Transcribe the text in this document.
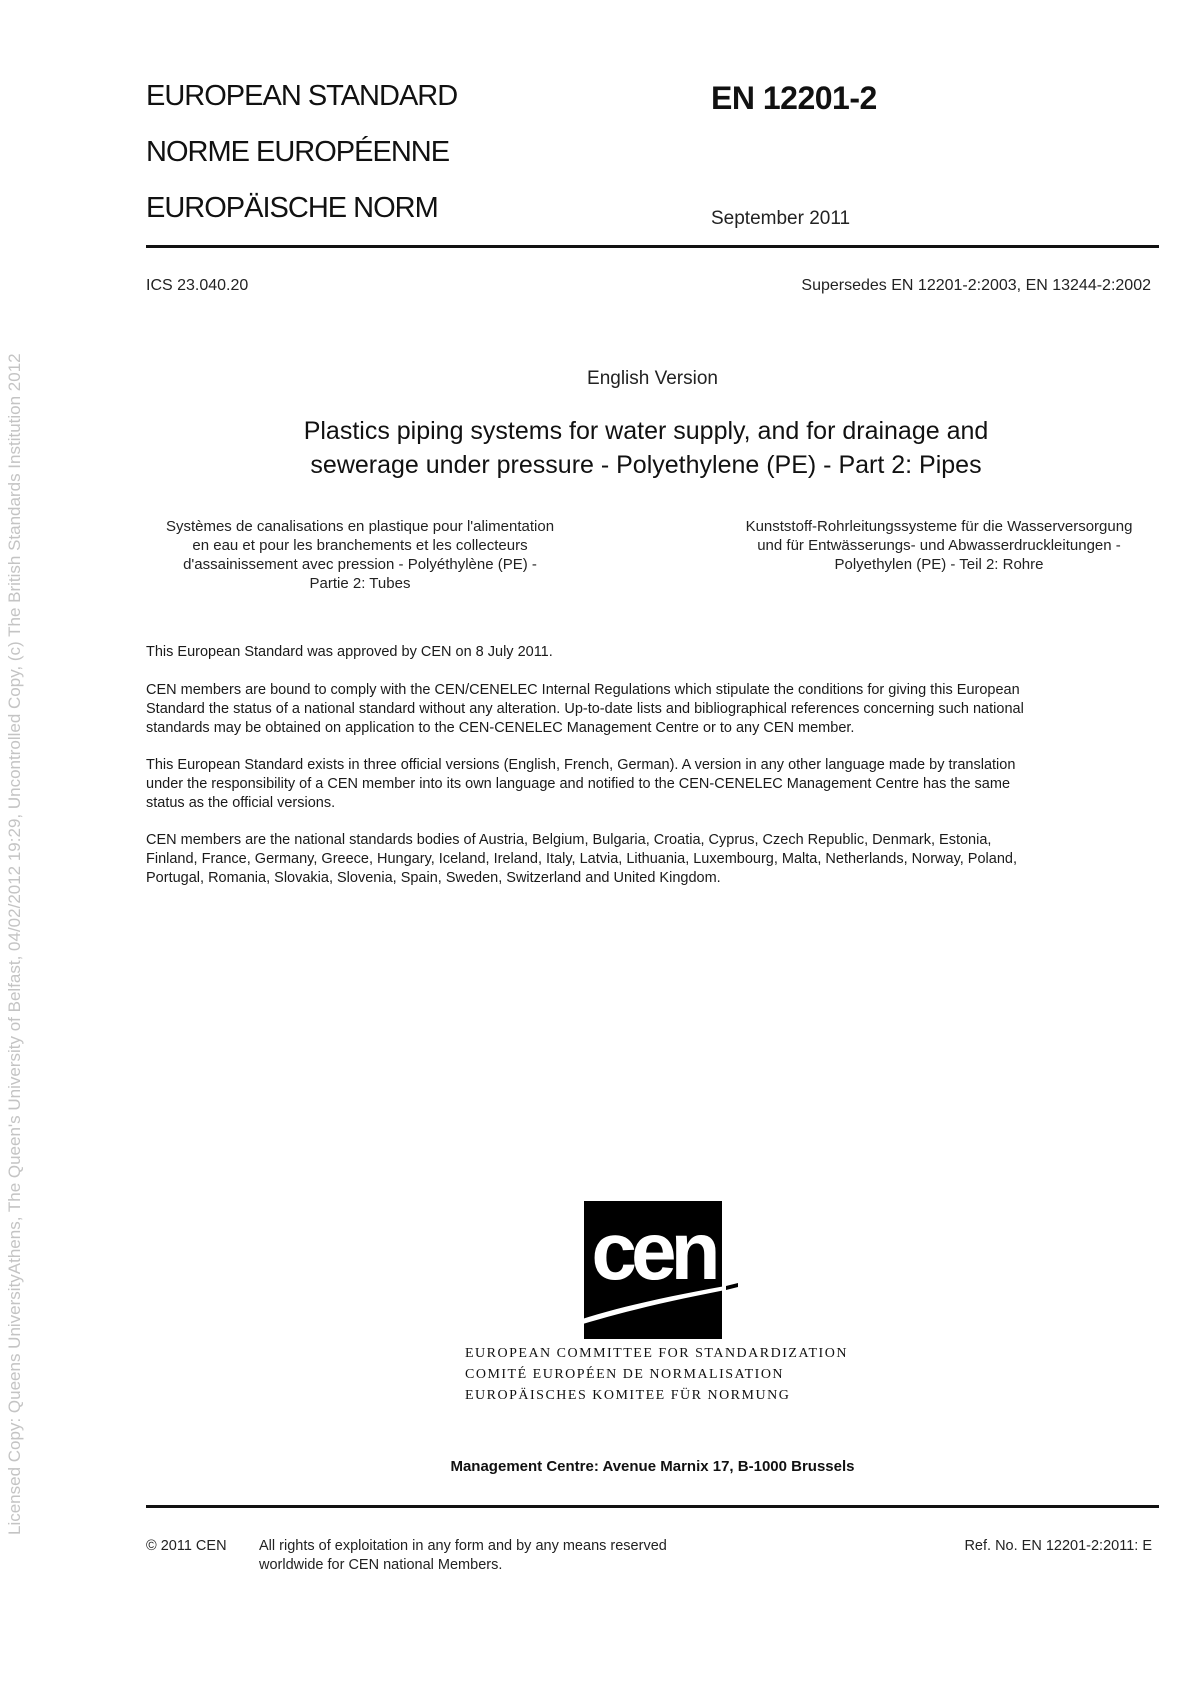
Licensed Copy: Queens UniversityAthens, The Queen's University of Belfast, 04/02/2012 19:29, Uncontrolled Copy, (c) The British Standards Institution 2012
EUROPEAN STANDARD
NORME EUROPÉENNE
EUROPÄISCHE NORM
EN 12201-2
September 2011
ICS 23.040.20	Supersedes EN 12201-2:2003, EN 13244-2:2002
English Version
Plastics piping systems for water supply, and for drainage and
sewerage under pressure - Polyethylene (PE) - Part 2: Pipes
Systèmes de canalisations en plastique pour l'alimentation
en eau et pour les branchements et les collecteurs
d'assainissement avec pression - Polyéthylène (PE) -
Partie 2: Tubes
Kunststoff-Rohrleitungssysteme für die Wasserversorgung
und für Entwässerungs- und Abwasserdruckleitungen -
Polyethylen (PE) - Teil 2: Rohre
This European Standard was approved by CEN on 8 July 2011.
CEN members are bound to comply with the CEN/CENELEC Internal Regulations which stipulate the conditions for giving this European
Standard the status of a national standard without any alteration. Up-to-date lists and bibliographical references concerning such national
standards may be obtained on application to the CEN-CENELEC Management Centre or to any CEN member.
This European Standard exists in three official versions (English, French, German). A version in any other language made by translation
under the responsibility of a CEN member into its own language and notified to the CEN-CENELEC Management Centre has the same
status as the official versions.
CEN members are the national standards bodies of Austria, Belgium, Bulgaria, Croatia, Cyprus, Czech Republic, Denmark, Estonia,
Finland, France, Germany, Greece, Hungary, Iceland, Ireland, Italy, Latvia, Lithuania, Luxembourg, Malta, Netherlands, Norway, Poland,
Portugal, Romania, Slovakia, Slovenia, Spain, Sweden, Switzerland and United Kingdom.
cen
EUROPEAN COMMITTEE FOR STANDARDIZATION
COMITÉ EUROPÉEN DE NORMALISATION
EUROPÄISCHES KOMITEE FÜR NORMUNG
Management Centre: Avenue Marnix 17, B-1000 Brussels
© 2011 CEN All rights of exploitation in any form and by any means reserved
worldwide for CEN national Members.
Ref. No. EN 12201-2:2011: E
